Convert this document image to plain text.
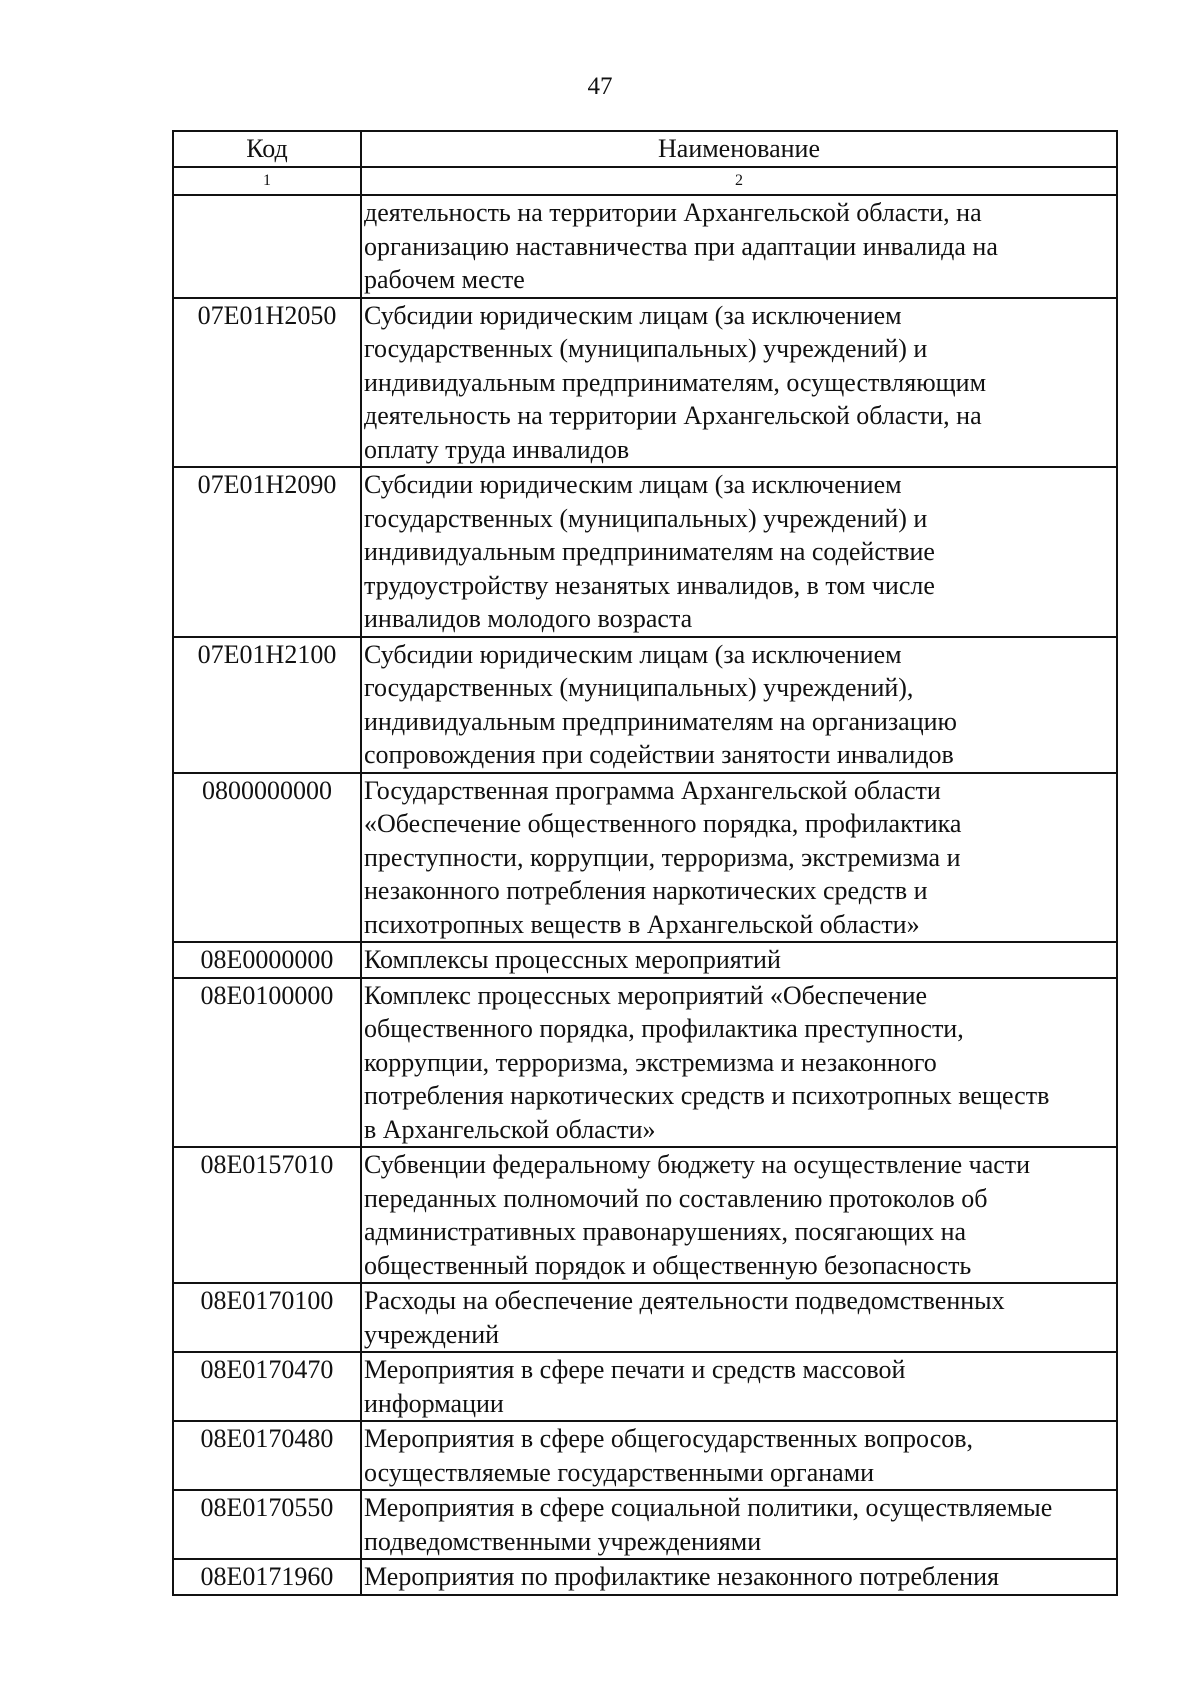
47
Код	Наименование
1	2

	деятельность на территории Архангельской области, на
организацию наставничества при адаптации инвалида на
рабочем месте

07Е01Н2050	Субсидии юридическим лицам (за исключением
государственных (муниципальных) учреждений) и
индивидуальным предпринимателям, осуществляющим
деятельность на территории Архангельской области, на
оплату труда инвалидов

07Е01Н2090	Субсидии юридическим лицам (за исключением
государственных (муниципальных) учреждений) и
индивидуальным предпринимателям на содействие
трудоустройству незанятых инвалидов, в том числе
инвалидов молодого возраста

07Е01Н2100	Субсидии юридическим лицам (за исключением
государственных (муниципальных) учреждений),
индивидуальным предпринимателям на организацию
сопровождения при содействии занятости инвалидов

0800000000	Государственная программа Архангельской области
«Обеспечение общественного порядка, профилактика
преступности, коррупции, терроризма, экстремизма и
незаконного потребления наркотических средств и
психотропных веществ в Архангельской области»

08Е0000000	Комплексы процессных мероприятий

08Е0100000	Комплекс процессных мероприятий «Обеспечение
общественного порядка, профилактика преступности,
коррупции, терроризма, экстремизма и незаконного
потребления наркотических средств и психотропных веществ
в Архангельской области»

08Е0157010	Субвенции федеральному бюджету на осуществление части
переданных полномочий по составлению протоколов об
административных правонарушениях, посягающих на
общественный порядок и общественную безопасность

08Е0170100	Расходы на обеспечение деятельности подведомственных
учреждений

08Е0170470	Мероприятия в сфере печати и средств массовой
информации

08Е0170480	Мероприятия в сфере общегосударственных вопросов,
осуществляемые государственными органами

08Е0170550	Мероприятия в сфере социальной политики, осуществляемые
подведомственными учреждениями

08Е0171960	Мероприятия по профилактике незаконного потребления
